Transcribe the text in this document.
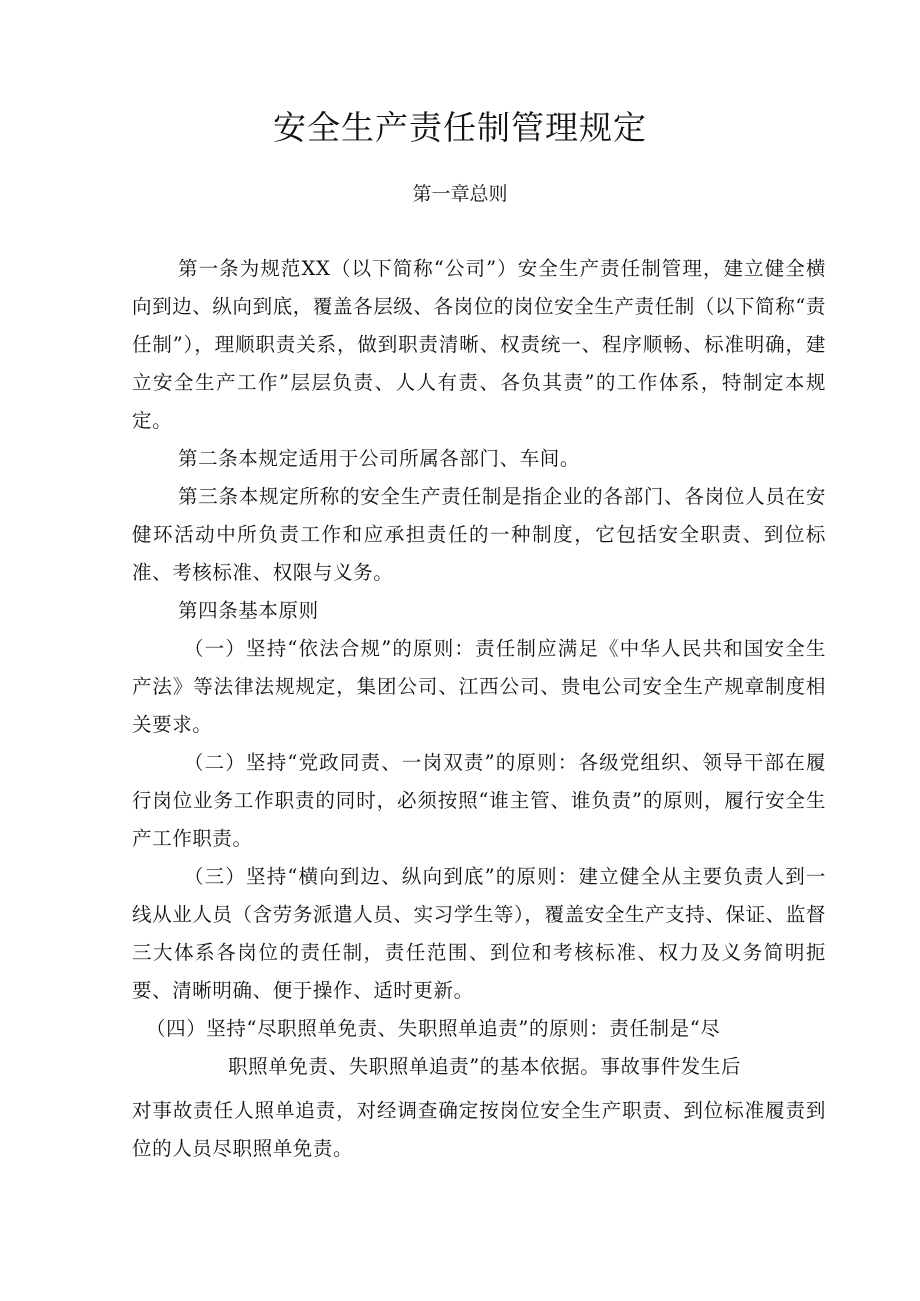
安全生产责任制管理规定
第一章总则

第一条为规范XX（以下简称“公司”）安全生产责任制管理，建立健全横向到边、纵向到底，覆盖各层级、各岗位的岗位安全生产责任制（以下简称“责任制”），理顺职责关系，做到职责清晰、权责统一、程序顺畅、标准明确，建立安全生产工作”层层负责、人人有责、各负其责”的工作体系，特制定本规定。

第二条本规定适用于公司所属各部门、车间。

第三条本规定所称的安全生产责任制是指企业的各部门、各岗位人员在安健环活动中所负责工作和应承担责任的一种制度，它包括安全职责、到位标准、考核标准、权限与义务。

第四条基本原则

（一）坚持“依法合规”的原则：责任制应满足《中华人民共和国安全生产法》等法律法规规定，集团公司、江西公司、贵电公司安全生产规章制度相关要求。

（二）坚持“党政同责、一岗双责”的原则：各级党组织、领导干部在履行岗位业务工作职责的同时，必须按照“谁主管、谁负责”的原则，履行安全生产工作职责。

（三）坚持“横向到边、纵向到底”的原则：建立健全从主要负责人到一线从业人员（含劳务派遣人员、实习学生等），覆盖安全生产支持、保证、监督三大体系各岗位的责任制，责任范围、到位和考核标准、权力及义务简明扼要、清晰明确、便于操作、适时更新。

（四）坚持“尽职照单免责、失职照单追责”的原则：责任制是“尽

职照单免责、失职照单追责”的基本依据。事故事件发生后

对事故责任人照单追责，对经调查确定按岗位安全生产职责、到位标准履责到位的人员尽职照单免责。
